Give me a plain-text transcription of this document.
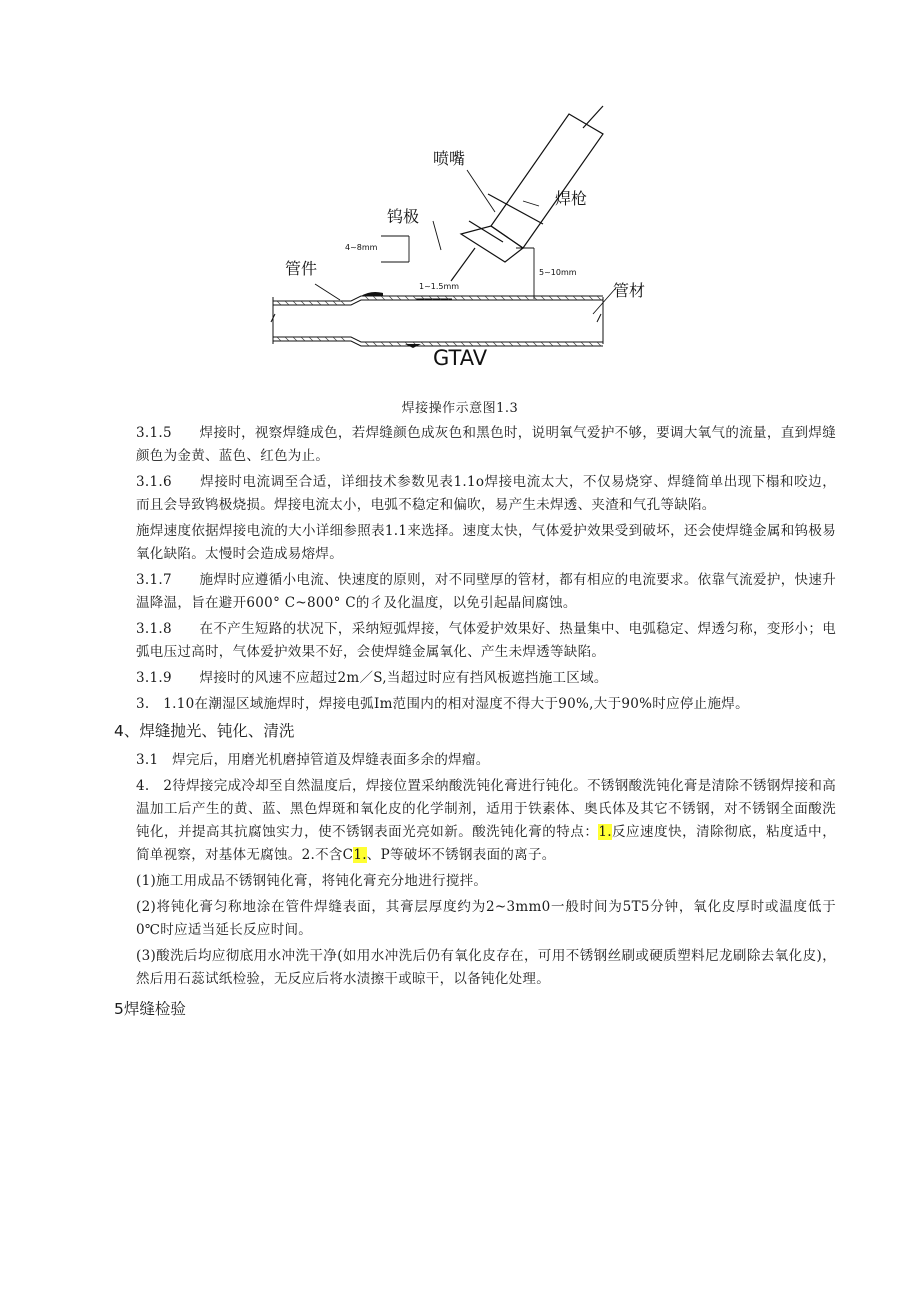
喷嘴
焊枪
钨极
管件
管材
4~8mm
1~1.5mm
5~10mm
GTAV
焊接操作示意图1.3

3.1.5　　焊接时，视察焊缝成色，若焊缝颜色成灰色和黑色时，说明氧气爱护不够，要调大氧气的流量，直到焊缝颜色为金黄、蓝色、红色为止。

3.1.6　　焊接时电流调至合适，详细技术参数见表1.1o焊接电流太大，不仅易烧穿、焊缝简单出现下榻和咬边，而且会导致鸨极烧损。焊接电流太小，电弧不稳定和偏吹，易产生未焊透、夹渣和气孔等缺陷。

施焊速度依据焊接电流的大小详细参照表1.1来选择。速度太快，气体爱护效果受到破坏，还会使焊缝金属和钨极易氧化缺陷。太慢时会造成易熔焊。

3.1.7　　施焊时应遵循小电流、快速度的原则，对不同壁厚的管材，都有相应的电流要求。依靠气流爱护，快速升温降温，旨在避开600° C~800° C的彳及化温度，以免引起晶间腐蚀。

3.1.8　　在不产生短路的状况下，采纳短弧焊接，气体爱护效果好、热量集中、电弧稳定、焊透匀称，变形小；电弧电压过高时，气体爱护效果不好，会使焊缝金属氧化、产生未焊透等缺陷。

3.1.9　　焊接时的风速不应超过2m／S,当超过时应有挡风板遮挡施工区域。

3.　1.10在潮湿区域施焊时，焊接电弧Im范围内的相对湿度不得大于90%,大于90%时应停止施焊。

4、焊缝抛光、钝化、清洗

3.1　焊完后，用磨光机磨掉管道及焊缝表面多余的焊瘤。

4.　2待焊接完成冷却至自然温度后，焊接位置采纳酸洗钝化膏进行钝化。不锈钢酸洗钝化膏是清除不锈钢焊接和高温加工后产生的黄、蓝、黑色焊斑和氧化皮的化学制剂，适用于铁素体、奥氏体及其它不锈钢，对不锈钢全面酸洗钝化，并提高其抗腐蚀实力，使不锈钢表面光亮如新。酸洗钝化膏的特点：1.反应速度快，清除彻底，粘度适中，简单视察，对基体无腐蚀。2.不含C1.、P等破坏不锈钢表面的离子。

(1)施工用成品不锈钢钝化膏，将钝化膏充分地进行搅拌。

(2)将钝化膏匀称地涂在管件焊缝表面，其膏层厚度约为2~3mm0一般时间为5T5分钟，氧化皮厚时或温度低于0℃时应适当延长反应时间。

(3)酸洗后均应彻底用水冲洗干净(如用水冲洗后仍有氧化皮存在，可用不锈钢丝刷或硬质塑料尼龙刷除去氧化皮)，然后用石蕊试纸检验，无反应后将水渍擦干或晾干，以备钝化处理。

5焊缝检验
